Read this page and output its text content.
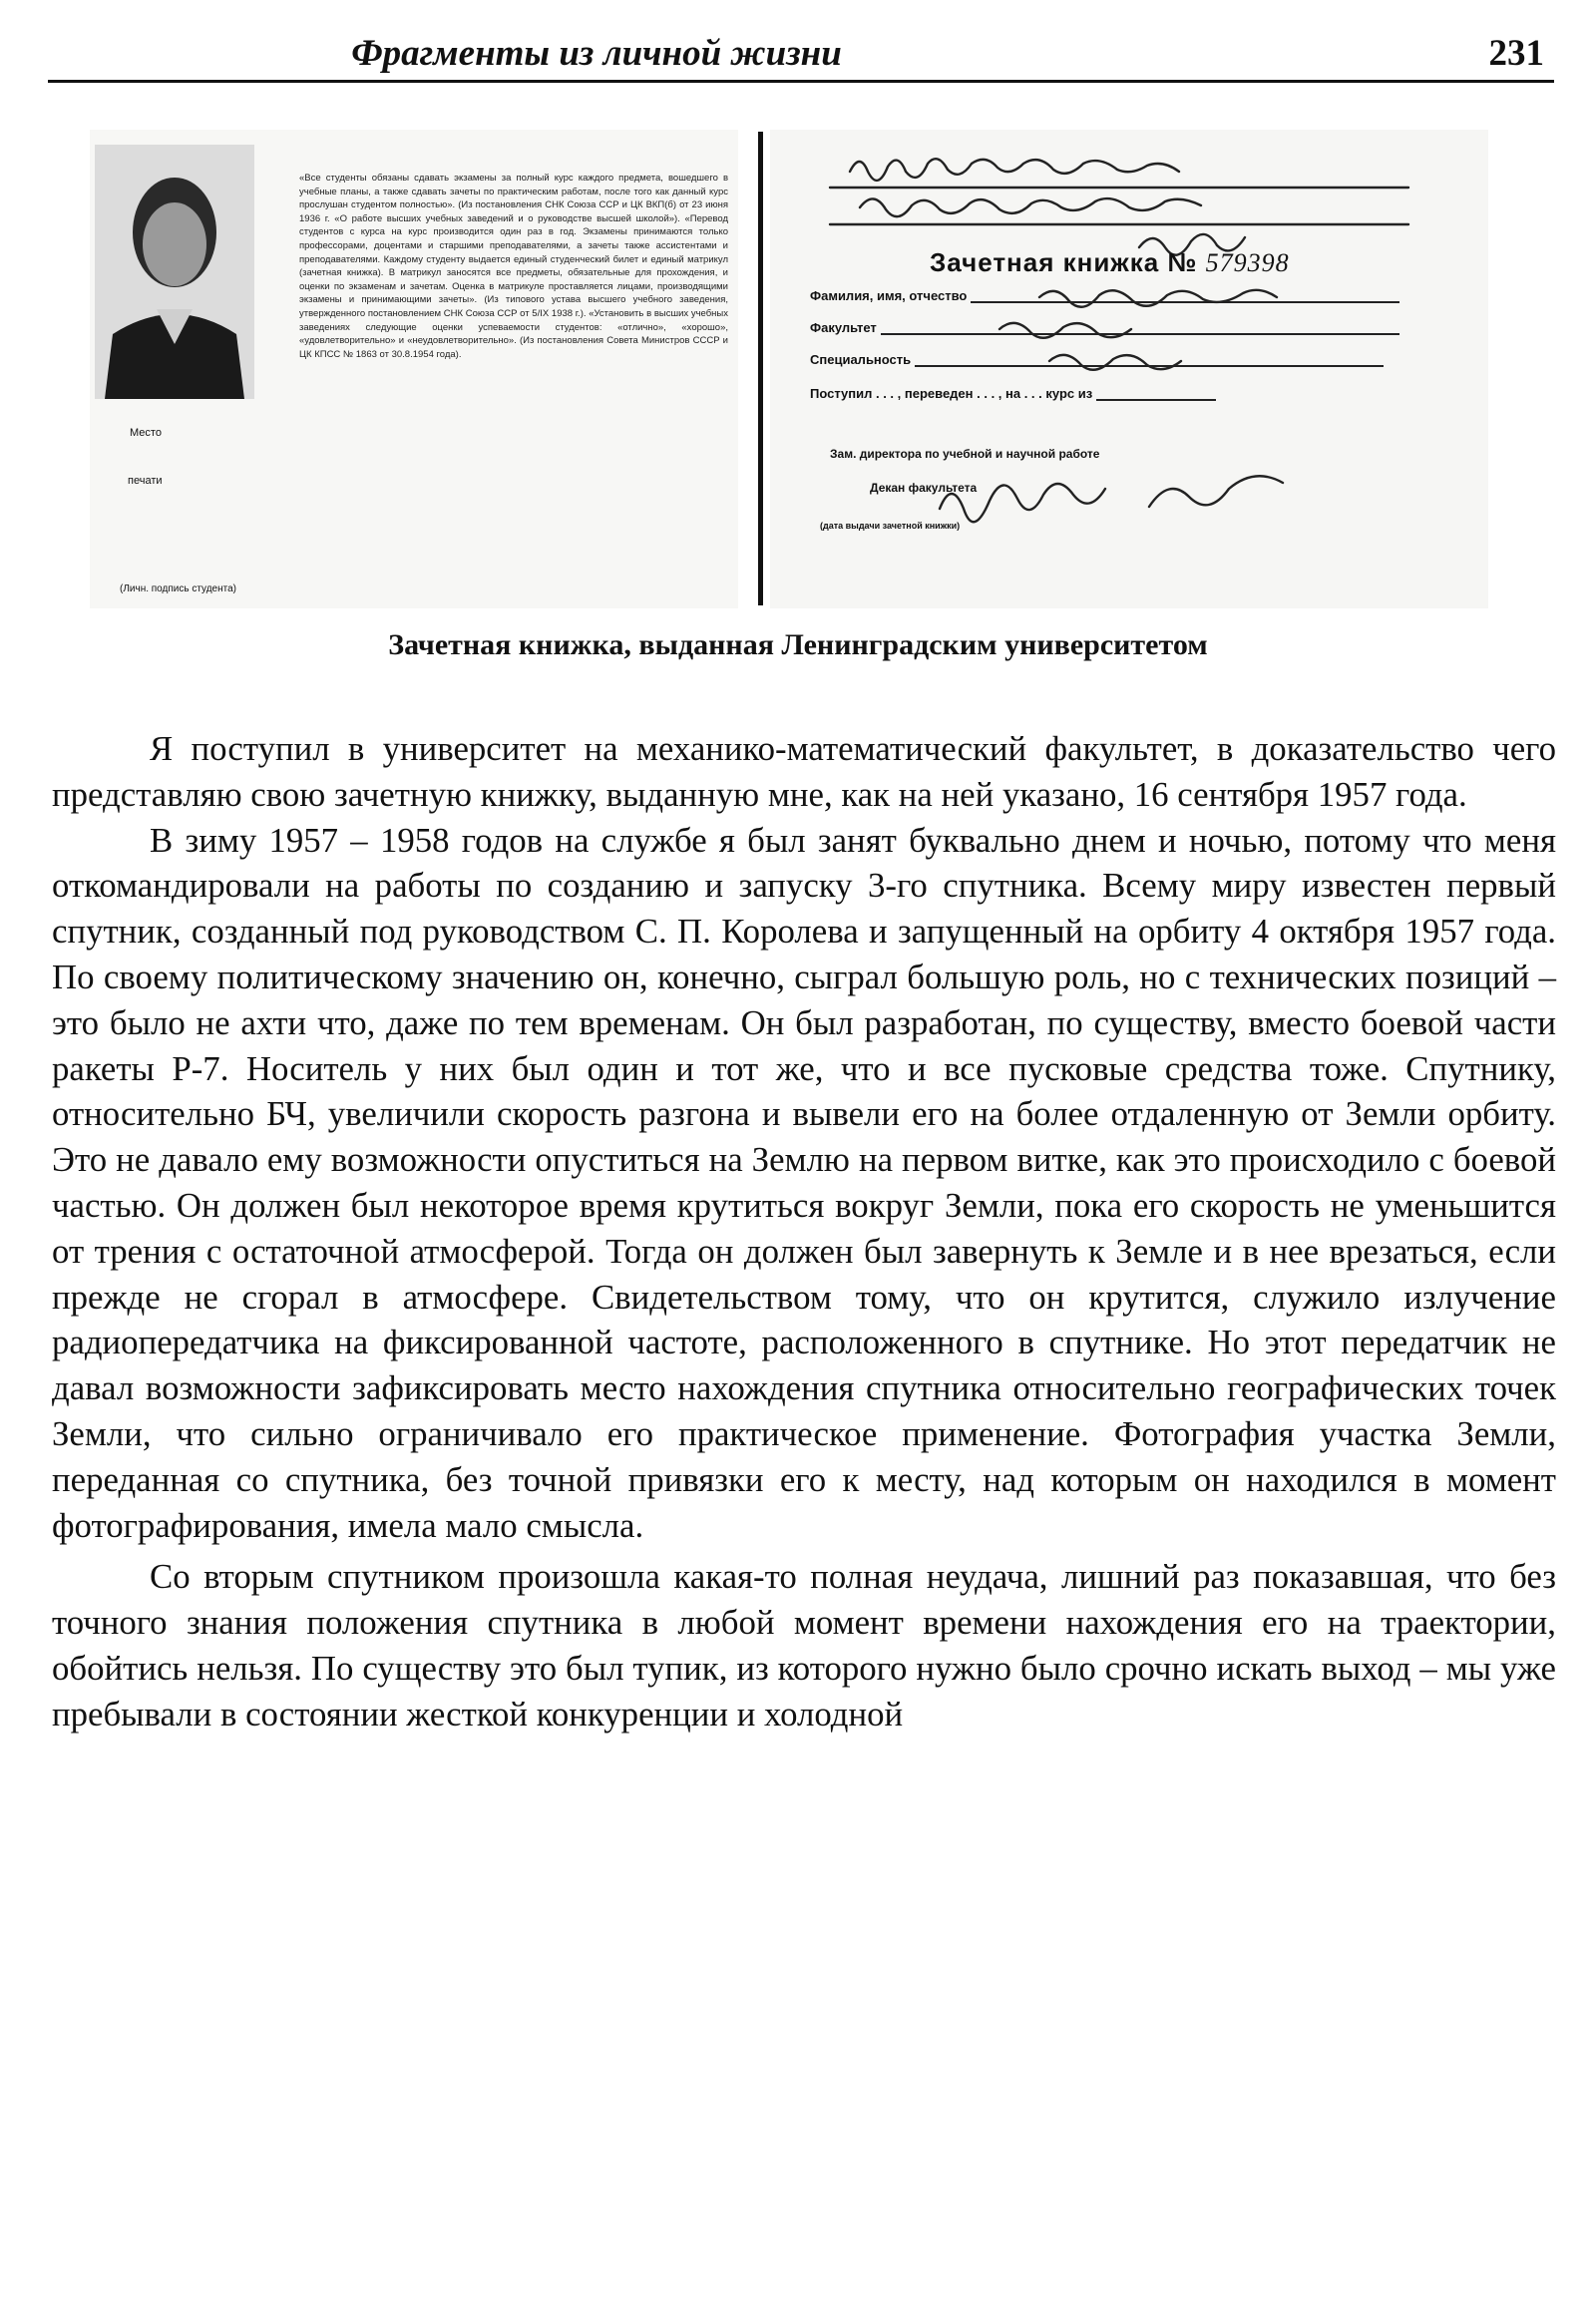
Фрагменты из личной жизни	231
«Все студенты обязаны сдавать экзамены за полный курс каждого предмета, вошедшего в учебные планы, а также сдавать зачеты по практическим работам, после того как данный курс прослушан студентом полностью». (Из постановления СНК Союза ССР и ЦК ВКП(б) от 23 июня 1936 г. «О работе высших учебных заведений и о руководстве высшей школой»). «Перевод студентов с курса на курс производится один раз в год. Экзамены принимаются только профессорами, доцентами и старшими преподавателями, а зачеты также ассистентами и преподавателями. Каждому студенту выдается единый студенческий билет и единый матрикул (зачетная книжка). В матрикул заносятся все предметы, обязательные для прохождения, и оценки по экзаменам и зачетам. Оценка в матрикуле проставляется лицами, производящими экзамены и принимающими зачеты». (Из типового устава высшего учебного заведения, утвержденного постановлением СНК Союза ССР от 5/IX 1938 г.). «Установить в высших учебных заведениях следующие оценки успеваемости студентов: «отлично», «хорошо», «удовлетворительно» и «неудовлетворительно». (Из постановления Совета Министров СССР и ЦК КПСС № 1863 от 30.8.1954 года).
Место
печати
(Личн. подпись студента)
Зачетная книжка № 579398
Фамилия, имя, отчество
Факультет
Специальность
Поступил . . . , переведен . . . , на . . . курс из
Зам. директора по учебной и научной работе
Декан факультета
(дата выдачи зачетной книжки)
Зачетная книжка, выданная Ленинградским университетом

Я поступил в университет на механико-математический факультет, в доказательство чего представляю свою зачетную книжку, выданную мне, как на ней указано, 16 сентября 1957 года.

В зиму 1957 – 1958 годов на службе я был занят буквально днем и ночью, потому что меня откомандировали на работы по созданию и запуску 3-го спутника. Всему миру известен первый спутник, созданный под руководством С. П. Королева и запущенный на орбиту 4 октября 1957 года. По своему политическому значению он, конечно, сыграл большую роль, но с технических позиций – это было не ахти что, даже по тем временам. Он был разработан, по существу, вместо боевой части ракеты Р-7. Носитель у них был один и тот же, что и все пусковые средства тоже. Спутнику, относительно БЧ, увеличили скорость разгона и вывели его на более отдаленную от Земли орбиту. Это не давало ему возможности опуститься на Землю на первом витке, как это происходило с боевой частью. Он должен был некоторое время крутиться вокруг Земли, пока его скорость не уменьшится от трения с остаточной атмосферой. Тогда он должен был завернуть к Земле и в нее врезаться, если прежде не сгорал в атмосфере. Свидетельством тому, что он крутится, служило излучение радиопередатчика на фиксированной частоте, расположенного в спутнике. Но этот передатчик не давал возможности зафиксировать место нахождения спутника относительно географических точек Земли, что сильно ограничивало его практическое применение. Фотография участка Земли, переданная со спутника, без точной привязки его к месту, над которым он находился в момент фотографирования, имела мало смысла.

Со вторым спутником произошла какая-то полная неудача, лишний раз показавшая, что без точного знания положения спутника в любой момент времени нахождения его на траектории, обойтись нельзя. По существу это был тупик, из которого нужно было срочно искать выход – мы уже пребывали в состоянии жесткой конкуренции и холодной
